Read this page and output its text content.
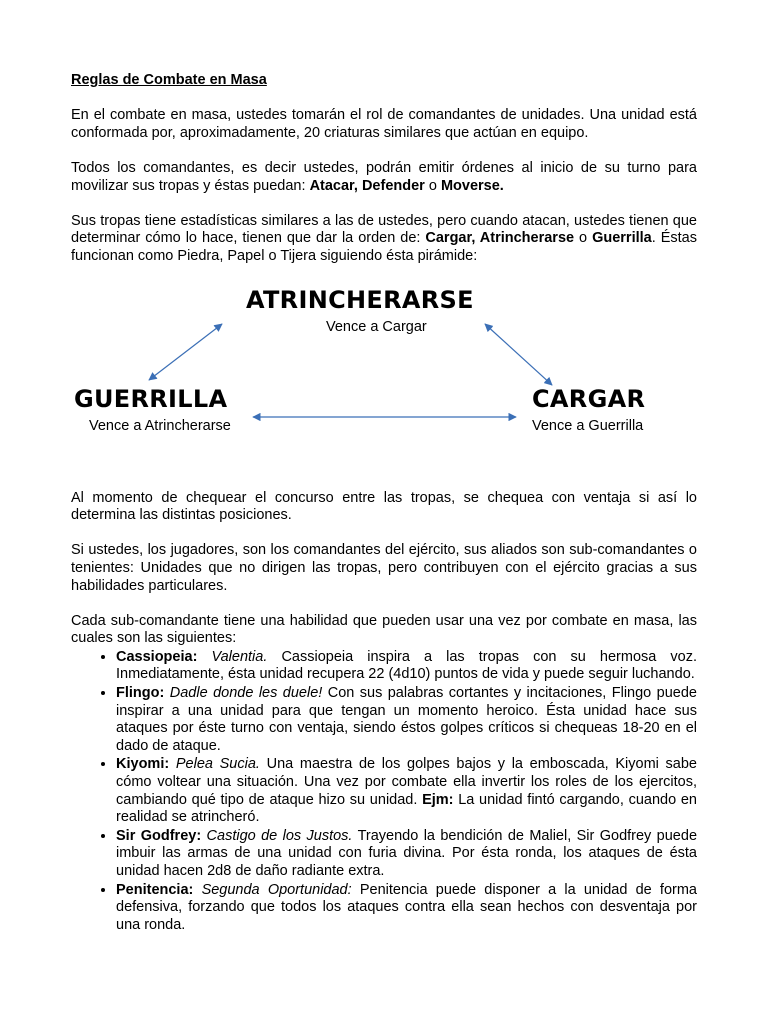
Reglas de Combate en Masa

En el combate en masa, ustedes tomarán el rol de comandantes de unidades. Una unidad está conformada por, aproximadamente, 20 criaturas similares que actúan en equipo.

Todos los comandantes, es decir ustedes, podrán emitir órdenes al inicio de su turno para movilizar sus tropas y éstas puedan: Atacar, Defender o Moverse.

Sus tropas tiene estadísticas similares a las de ustedes, pero cuando atacan, ustedes tienen que determinar cómo lo hace, tienen que dar la orden de: Cargar, Atrincherarse o Guerrilla. Éstas funcionan como Piedra, Papel o Tijera siguiendo ésta pirámide:

ATRINCHERARSE
Vence a Cargar
GUERRILLA
Vence a Atrincherarse
CARGAR
Vence a Guerrilla

Al momento de chequear el concurso entre las tropas, se chequea con ventaja si así lo determina las distintas posiciones.

Si ustedes, los jugadores, son los comandantes del ejército, sus aliados son sub-comandantes o tenientes: Unidades que no dirigen las tropas, pero contribuyen con el ejército gracias a sus habilidades particulares.

Cada sub-comandante tiene una habilidad que pueden usar una vez por combate en masa, las cuales son las siguientes:

• Cassiopeia: Valentia. Cassiopeia inspira a las tropas con su hermosa voz. Inmediatamente, ésta unidad recupera 22 (4d10) puntos de vida y puede seguir luchando.
• Flingo: Dadle donde les duele! Con sus palabras cortantes y incitaciones, Flingo puede inspirar a una unidad para que tengan un momento heroico. Ésta unidad hace sus ataques por éste turno con ventaja, siendo éstos golpes críticos si chequeas 18-20 en el dado de ataque.
• Kiyomi: Pelea Sucia. Una maestra de los golpes bajos y la emboscada, Kiyomi sabe cómo voltear una situación. Una vez por combate ella invertir los roles de los ejercitos, cambiando qué tipo de ataque hizo su unidad. Ejm: La unidad fintó cargando, cuando en realidad se atrincheró.
• Sir Godfrey: Castigo de los Justos. Trayendo la bendición de Maliel, Sir Godfrey puede imbuir las armas de una unidad con furia divina. Por ésta ronda, los ataques de ésta unidad hacen 2d8 de daño radiante extra.
• Penitencia: Segunda Oportunidad: Penitencia puede disponer a la unidad de forma defensiva, forzando que todos los ataques contra ella sean hechos con desventaja por una ronda.
